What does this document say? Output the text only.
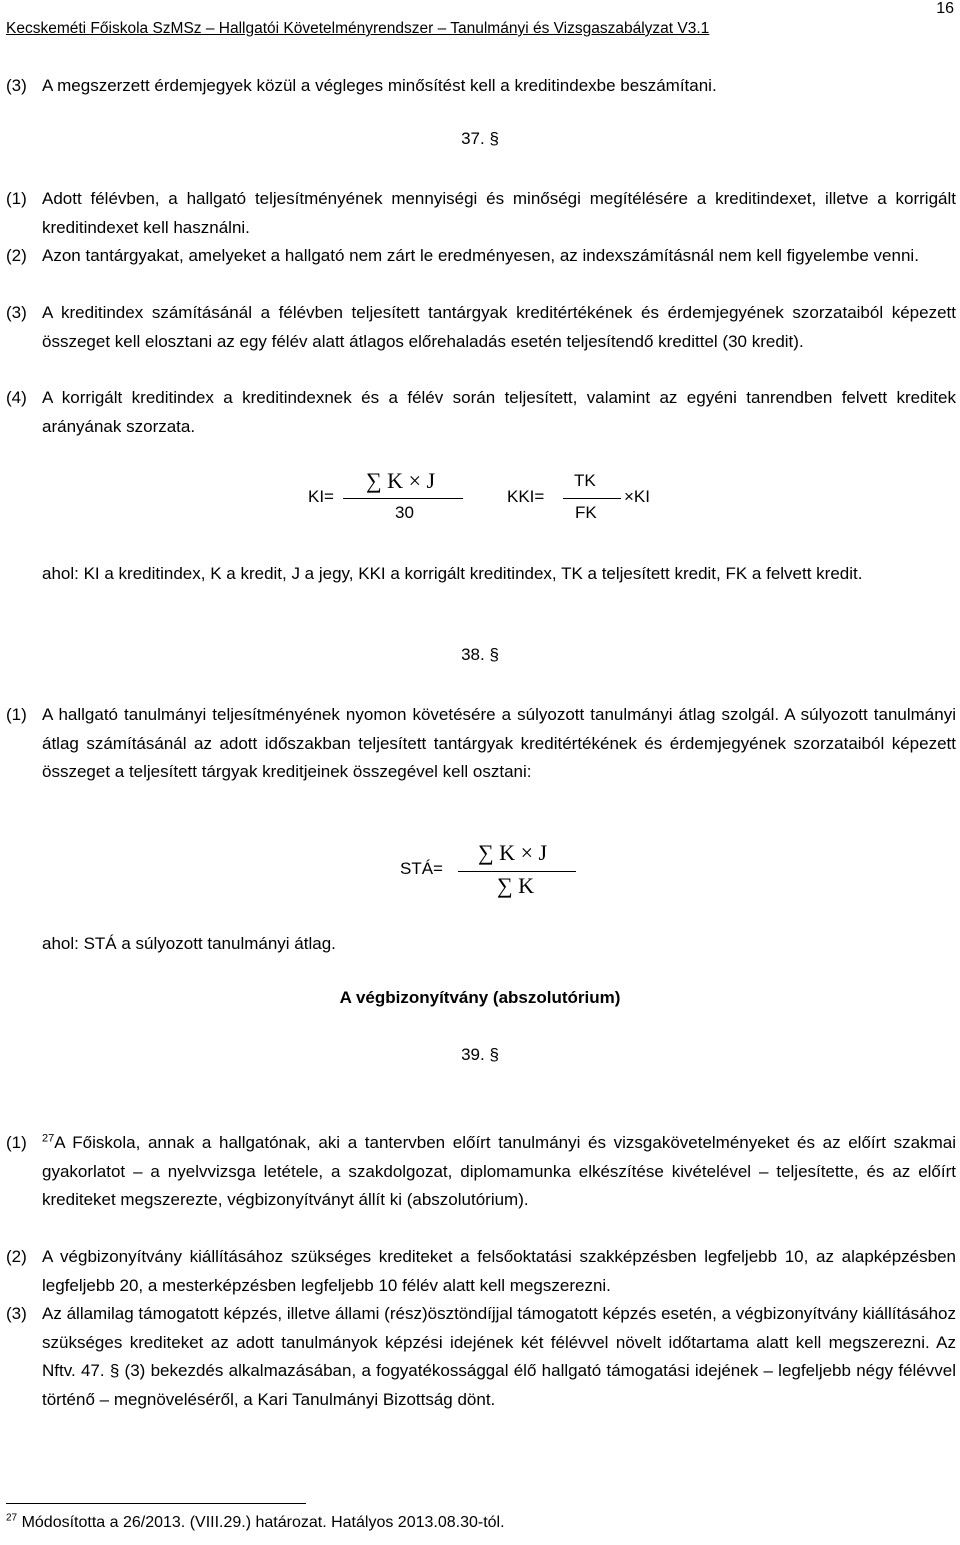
16
Kecskeméti Főiskola SzMSz – Hallgatói Követelményrendszer – Tanulmányi és Vizsgaszabályzat V3.1
(3) A megszerzett érdemjegyek közül a végleges minősítést kell a kreditindexbe beszámítani.
37. §
(1) Adott félévben, a hallgató teljesítményének mennyiségi és minőségi megítélésére a kreditindexet, illetve a korrigált kreditindexet kell használni.
(2) Azon tantárgyakat, amelyeket a hallgató nem zárt le eredményesen, az indexszámításnál nem kell figyelembe venni.
(3) A kreditindex számításánál a félévben teljesített tantárgyak kreditértékének és érdemjegyének szorzataiból képezett összeget kell elosztani az egy félév alatt átlagos előrehaladás esetén teljesítendő kredittel (30 kredit).
(4) A korrigált kreditindex a kreditindexnek és a félév során teljesített, valamint az egyéni tanrendben felvett kreditek arányának szorzata.
KI=
∑ K × J
30
KKI=
TK
FK
×KI
ahol: KI a kreditindex, K a kredit, J a jegy, KKI a korrigált kreditindex, TK a teljesített kredit, FK a felvett kredit.
38. §
(1) A hallgató tanulmányi teljesítményének nyomon követésére a súlyozott tanulmányi átlag szolgál. A súlyozott tanulmányi átlag számításánál az adott időszakban teljesített tantárgyak kreditértékének és érdemjegyének szorzataiból képezett összeget a teljesített tárgyak kreditjeinek összegével kell osztani:
STÁ=
∑ K × J
∑ K
ahol: STÁ a súlyozott tanulmányi átlag.
A végbizonyítvány (abszolutórium)
39. §
(1) $^{27}$A Főiskola, annak a hallgatónak, aki a tantervben előírt tanulmányi és vizsgakövetelményeket és az előírt szakmai gyakorlatot – a nyelvvizsga letétele, a szakdolgozat, diplomamunka elkészítése kivételével – teljesítette, és az előírt krediteket megszerezte, végbizonyítványt állít ki (abszolutórium).
(2) A végbizonyítvány kiállításához szükséges krediteket a felsőoktatási szakképzésben legfeljebb 10, az alapképzésben legfeljebb 20, a mesterképzésben legfeljebb 10 félév alatt kell megszerezni.
(3) Az államilag támogatott képzés, illetve állami (rész)ösztöndíjjal támogatott képzés esetén, a végbizonyítvány kiállításához szükséges krediteket az adott tanulmányok képzési idejének két félévvel növelt időtartama alatt kell megszerezni. Az Nftv. 47. § (3) bekezdés alkalmazásában, a fogyatékossággal élő hallgató támogatási idejének – legfeljebb négy félévvel történő – megnöveléséről, a Kari Tanulmányi Bizottság dönt.
$^{27}$ Módosította a 26/2013. (VIII.29.) határozat. Hatályos 2013.08.30-tól.
